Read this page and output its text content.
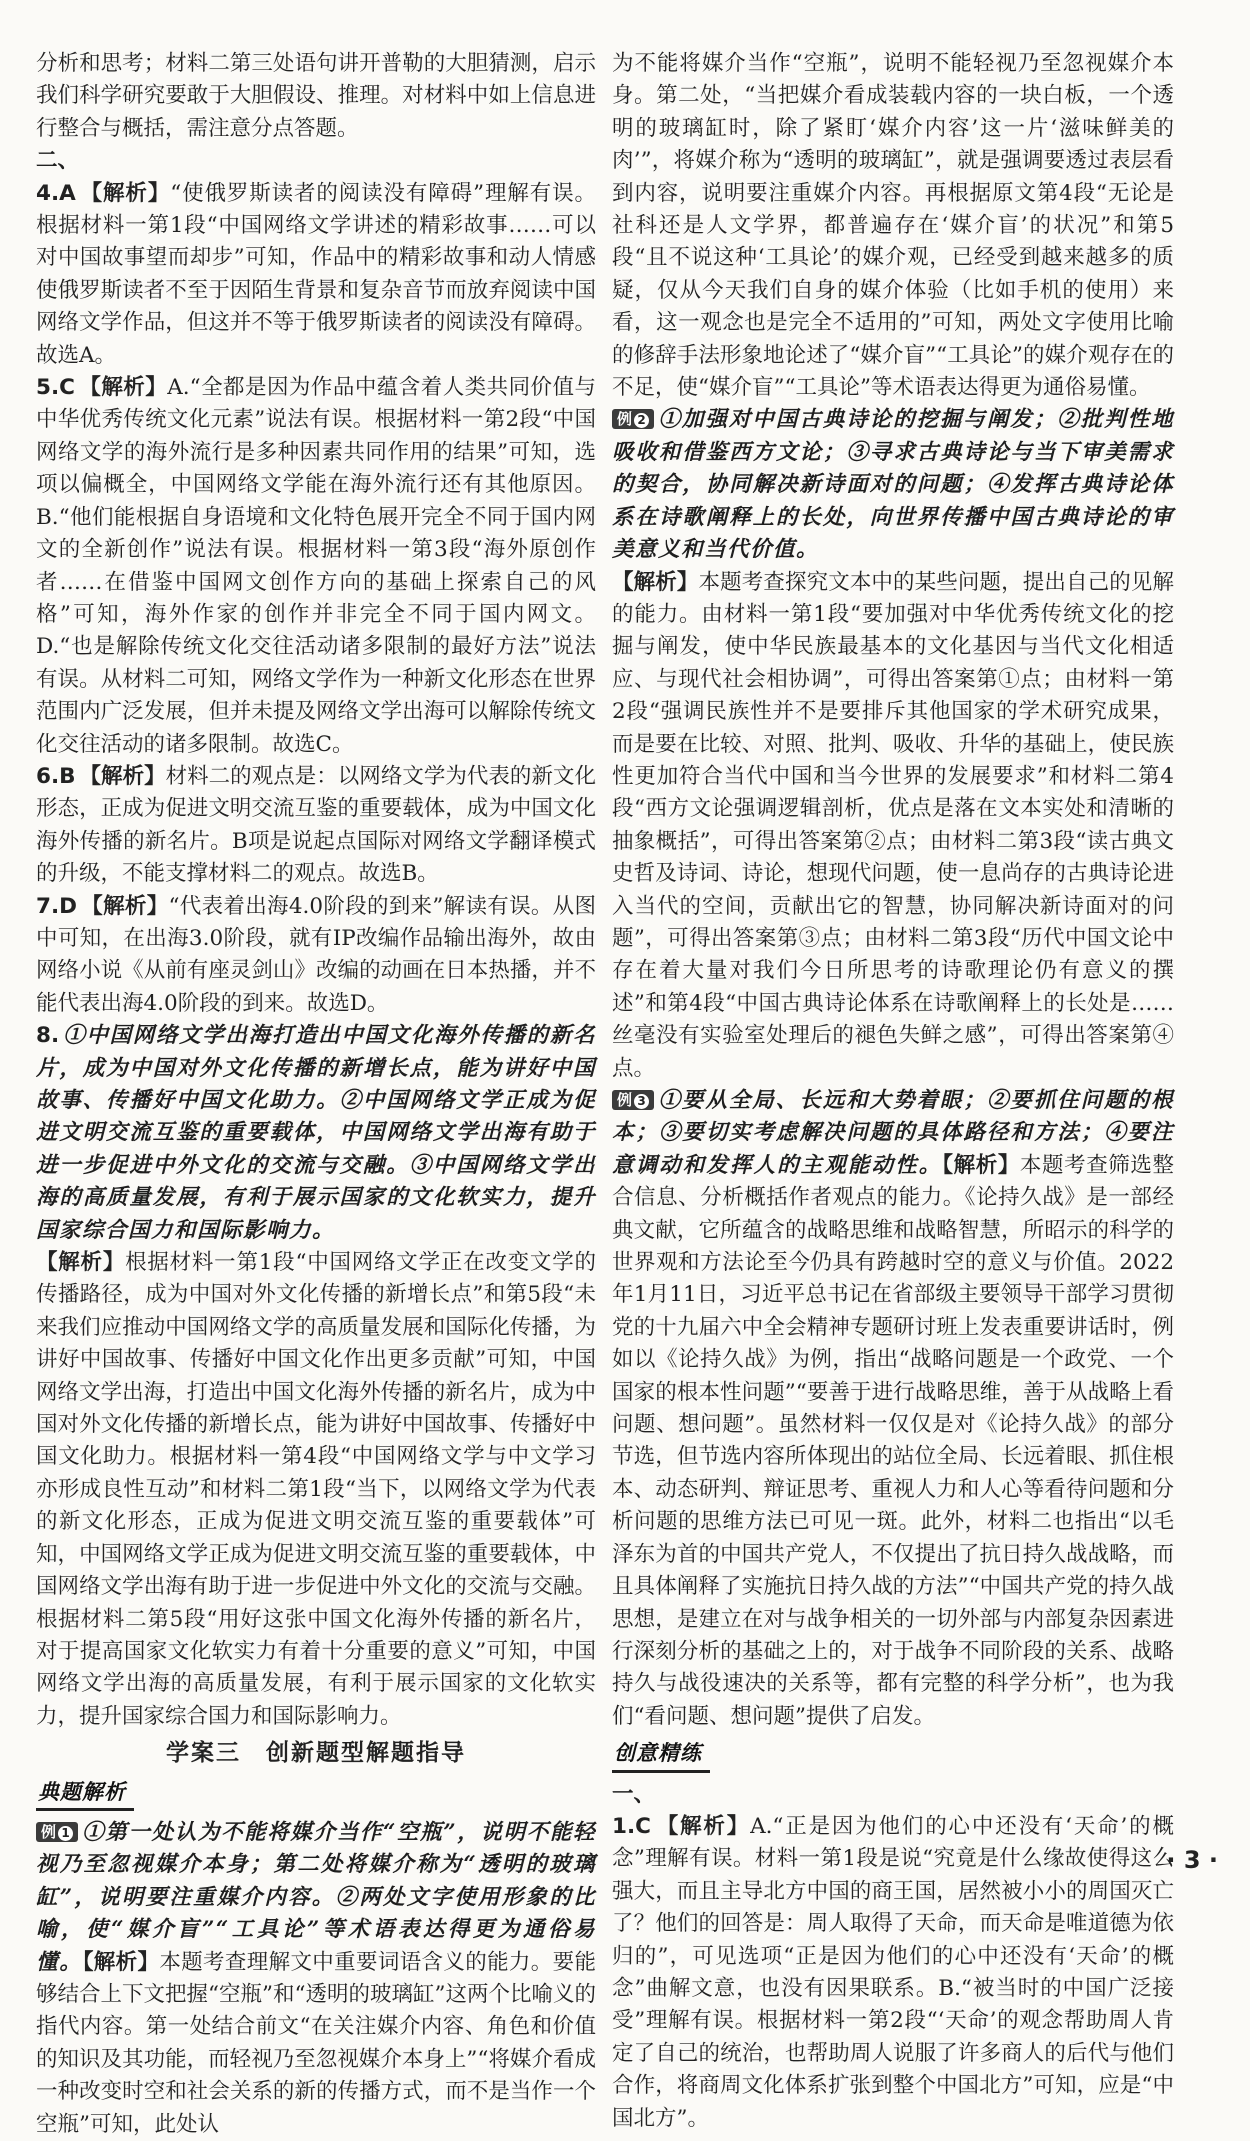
分析和思考；材料二第三处语句讲开普勒的大胆猜测，启示我们科学研究要敢于大胆假设、推理。对材料中如上信息进行整合与概括，需注意分点答题。

二、

4.A 【解析】“使俄罗斯读者的阅读没有障碍”理解有误。根据材料一第1段“中国网络文学讲述的精彩故事……可以对中国故事望而却步”可知，作品中的精彩故事和动人情感使俄罗斯读者不至于因陌生背景和复杂音节而放弃阅读中国网络文学作品，但这并不等于俄罗斯读者的阅读没有障碍。故选A。

5.C 【解析】A.“全都是因为作品中蕴含着人类共同价值与中华优秀传统文化元素”说法有误。根据材料一第2段“中国网络文学的海外流行是多种因素共同作用的结果”可知，选项以偏概全，中国网络文学能在海外流行还有其他原因。B.“他们能根据自身语境和文化特色展开完全不同于国内网文的全新创作”说法有误。根据材料一第3段“海外原创作者……在借鉴中国网文创作方向的基础上探索自己的风格”可知，海外作家的创作并非完全不同于国内网文。D.“也是解除传统文化交往活动诸多限制的最好方法”说法有误。从材料二可知，网络文学作为一种新文化形态在世界范围内广泛发展，但并未提及网络文学出海可以解除传统文化交往活动的诸多限制。故选C。

6.B 【解析】材料二的观点是：以网络文学为代表的新文化形态，正成为促进文明交流互鉴的重要载体，成为中国文化海外传播的新名片。B项是说起点国际对网络文学翻译模式的升级，不能支撑材料二的观点。故选B。

7.D 【解析】“代表着出海4.0阶段的到来”解读有误。从图中可知，在出海3.0阶段，就有IP改编作品输出海外，故由网络小说《从前有座灵剑山》改编的动画在日本热播，并不能代表出海4.0阶段的到来。故选D。

8. ①中国网络文学出海打造出中国文化海外传播的新名片，成为中国对外文化传播的新增长点，能为讲好中国故事、传播好中国文化助力。②中国网络文学正成为促进文明交流互鉴的重要载体，中国网络文学出海有助于进一步促进中外文化的交流与交融。③中国网络文学出海的高质量发展，有利于展示国家的文化软实力，提升国家综合国力和国际影响力。
【解析】根据材料一第1段“中国网络文学正在改变文学的传播路径，成为中国对外文化传播的新增长点”和第5段“未来我们应推动中国网络文学的高质量发展和国际化传播，为讲好中国故事、传播好中国文化作出更多贡献”可知，中国网络文学出海，打造出中国文化海外传播的新名片，成为中国对外文化传播的新增长点，能为讲好中国故事、传播好中国文化助力。根据材料一第4段“中国网络文学与中文学习亦形成良性互动”和材料二第1段“当下，以网络文学为代表的新文化形态，正成为促进文明交流互鉴的重要载体”可知，中国网络文学正成为促进文明交流互鉴的重要载体，中国网络文学出海有助于进一步促进中外文化的交流与交融。根据材料二第5段“用好这张中国文化海外传播的新名片，对于提高国家文化软实力有着十分重要的意义”可知，中国网络文学出海的高质量发展，有利于展示国家的文化软实力，提升国家综合国力和国际影响力。

学案三　创新题型解题指导
典题解析

例 1 ①第一处认为不能将媒介当作“空瓶”，说明不能轻视乃至忽视媒介本身；第二处将媒介称为“透明的玻璃缸”，说明要注重媒介内容。②两处文字使用形象的比喻，使“媒介盲”“工具论”等术语表达得更为通俗易懂。【解析】本题考查理解文中重要词语含义的能力。要能够结合上下文把握“空瓶”和“透明的玻璃缸”这两个比喻义的指代内容。第一处结合前文“在关注媒介内容、角色和价值的知识及其功能，而轻视乃至忽视媒介本身上”“将媒介看成一种改变时空和社会关系的新的传播方式，而不是当作一个空瓶”可知，此处认

为不能将媒介当作“空瓶”，说明不能轻视乃至忽视媒介本身。第二处，“当把媒介看成装载内容的一块白板，一个透明的玻璃缸时，除了紧盯‘媒介内容’这一片‘滋味鲜美的肉’”，将媒介称为“透明的玻璃缸”，就是强调要透过表层看到内容，说明要注重媒介内容。再根据原文第4段“无论是社科还是人文学界，都普遍存在‘媒介盲’的状况”和第5段“且不说这种‘工具论’的媒介观，已经受到越来越多的质疑，仅从今天我们自身的媒介体验（比如手机的使用）来看，这一观念也是完全不适用的”可知，两处文字使用比喻的修辞手法形象地论述了“媒介盲”“工具论”的媒介观存在的不足，使“媒介盲”“工具论”等术语表达得更为通俗易懂。

例 2 ①加强对中国古典诗论的挖掘与阐发；②批判性地吸收和借鉴西方文论；③寻求古典诗论与当下审美需求的契合，协同解决新诗面对的问题；④发挥古典诗论体系在诗歌阐释上的长处，向世界传播中国古典诗论的审美意义和当代价值。
【解析】本题考查探究文本中的某些问题，提出自己的见解的能力。由材料一第1段“要加强对中华优秀传统文化的挖掘与阐发，使中华民族最基本的文化基因与当代文化相适应、与现代社会相协调”，可得出答案第①点；由材料一第2段“强调民族性并不是要排斥其他国家的学术研究成果，而是要在比较、对照、批判、吸收、升华的基础上，使民族性更加符合当代中国和当今世界的发展要求”和材料二第4段“西方文论强调逻辑剖析，优点是落在文本实处和清晰的抽象概括”，可得出答案第②点；由材料二第3段“读古典文史哲及诗词、诗论，想现代问题，使一息尚存的古典诗论进入当代的空间，贡献出它的智慧，协同解决新诗面对的问题”，可得出答案第③点；由材料二第3段“历代中国文论中存在着大量对我们今日所思考的诗歌理论仍有意义的撰述”和第4段“中国古典诗论体系在诗歌阐释上的长处是……丝毫没有实验室处理后的褪色失鲜之感”，可得出答案第④点。

例 3 ①要从全局、长远和大势着眼；②要抓住问题的根本；③要切实考虑解决问题的具体路径和方法；④要注意调动和发挥人的主观能动性。【解析】本题考查筛选整合信息、分析概括作者观点的能力。《论持久战》是一部经典文献，它所蕴含的战略思维和战略智慧，所昭示的科学的世界观和方法论至今仍具有跨越时空的意义与价值。2022年1月11日，习近平总书记在省部级主要领导干部学习贯彻党的十九届六中全会精神专题研讨班上发表重要讲话时，例如以《论持久战》为例，指出“战略问题是一个政党、一个国家的根本性问题”“要善于进行战略思维，善于从战略上看问题、想问题”。虽然材料一仅仅是对《论持久战》的部分节选，但节选内容所体现出的站位全局、长远着眼、抓住根本、动态研判、辩证思考、重视人力和人心等看待问题和分析问题的思维方法已可见一斑。此外，材料二也指出“以毛泽东为首的中国共产党人，不仅提出了抗日持久战战略，而且具体阐释了实施抗日持久战的方法”“中国共产党的持久战思想，是建立在对与战争相关的一切外部与内部复杂因素进行深刻分析的基础之上的，对于战争不同阶段的关系、战略持久与战役速决的关系等，都有完整的科学分析”，也为我们“看问题、想问题”提供了启发。

创意精练
一、

1.C 【解析】A.“正是因为他们的心中还没有‘天命’的概念”理解有误。材料一第1段是说“究竟是什么缘故使得这么强大，而且主导北方中国的商王国，居然被小小的周国灭亡了？他们的回答是：周人取得了天命，而天命是唯道德为依归的”，可见选项“正是因为他们的心中还没有‘天命’的概念”曲解文意，也没有因果联系。B.“被当时的中国广泛接受”理解有误。根据材料一第2段“‘天命’的观念帮助周人肯定了自己的统治，也帮助周人说服了许多商人的后代与他们合作，将商周文化体系扩张到整个中国北方”可知，应是“中国北方”。

· 3 ·
